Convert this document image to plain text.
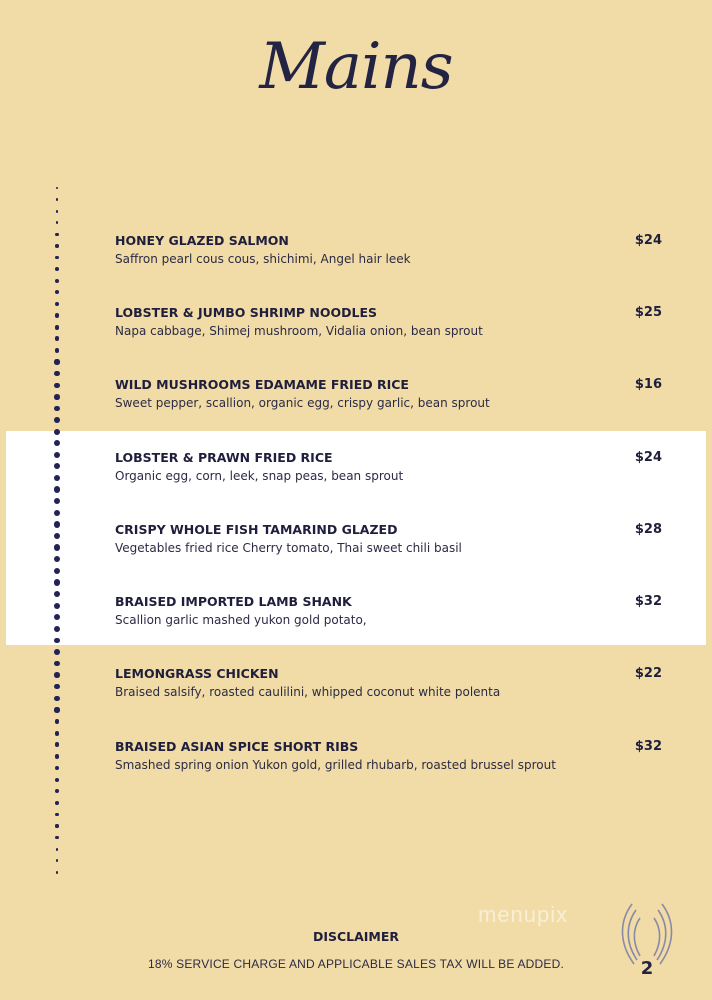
Mains
HONEY GLAZED SALMON
Saffron pearl cous cous, shichimi, Angel hair leek
$24
LOBSTER & JUMBO SHRIMP NOODLES
Napa cabbage, Shimej mushroom, Vidalia onion, bean sprout
$25
WILD MUSHROOMS EDAMAME FRIED RICE
Sweet pepper, scallion, organic egg, crispy garlic, bean sprout
$16
LOBSTER & PRAWN FRIED RICE
Organic egg, corn, leek, snap peas, bean sprout
$24
CRISPY WHOLE FISH TAMARIND GLAZED
Vegetables fried rice Cherry tomato, Thai sweet chili basil
$28
BRAISED IMPORTED LAMB SHANK
Scallion garlic mashed yukon gold potato,
$32
LEMONGRASS CHICKEN
Braised salsify, roasted caulilini, whipped coconut white polenta
$22
BRAISED ASIAN SPICE SHORT RIBS
Smashed spring onion Yukon gold, grilled rhubarb, roasted brussel sprout
$32
menupix
DISCLAIMER
18% SERVICE CHARGE AND APPLICABLE SALES TAX WILL BE ADDED.	2
